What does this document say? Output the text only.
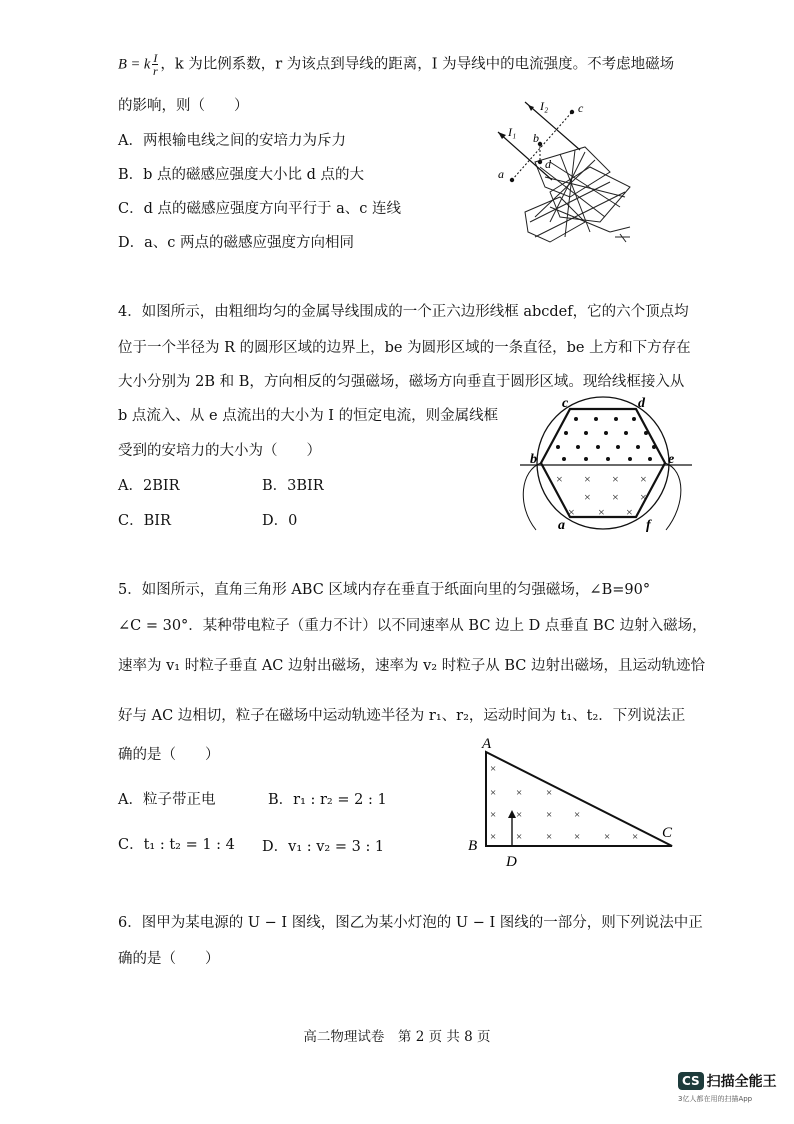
B = k $\frac{I}{r}$ ，k 为比例系数，r 为该点到导线的距离，I 为导线中的电流强度。不考虑地磁场
的影响，则（　　）
A．两根输电线之间的安培力为斥力
B．b 点的磁感应强度大小比 d 点的大
C．d 点的磁感应强度方向平行于 a、c 连线
D．a、c 两点的磁感应强度方向相同
I₂
I₁
a
b
c
d
4．如图所示，由粗细均匀的金属导线围成的一个正六边形线框 abcdef，它的六个顶点均
位于一个半径为 R 的圆形区域的边界上，be 为圆形区域的一条直径，be 上方和下方存在
大小分别为 2B 和 B，方向相反的匀强磁场，磁场方向垂直于圆形区域。现给线框接入从
b 点流入、从 e 点流出的大小为 I 的恒定电流，则金属线框
受到的安培力的大小为（　　）
A．2BIR	B．3BIR
C．BIR	D．0
× × × ×
× × ×
× × ×
c	d
b	e
a	f
5．如图所示，直角三角形 ABC 区域内存在垂直于纸面向里的匀强磁场，∠B=90°
∠C = 30°．某种带电粒子（重力不计）以不同速率从 BC 边上 D 点垂直 BC 边射入磁场，
速率为 v₁ 时粒子垂直 AC 边射出磁场，速率为 v₂ 时粒子从 BC 边射出磁场，且运动轨迹恰
好与 AC 边相切，粒子在磁场中运动轨迹半径为 r₁、r₂，运动时间为 t₁、t₂．下列说法正
确的是（　　）
A．粒子带正电	B．r₁ : r₂ = 2 : 1
C．t₁ : t₂ = 1 : 4 D．v₁ : v₂ = 3 : 1
×
× × ×
× × × ×
× × × × × ×
A
B
C
D
6．图甲为某电源的 U − I 图线，图乙为某小灯泡的 U − I 图线的一部分，则下列说法中正
确的是（　　）
高二物理试卷　第 2 页 共 8 页
CS 扫描全能王
3亿人都在用的扫描App
